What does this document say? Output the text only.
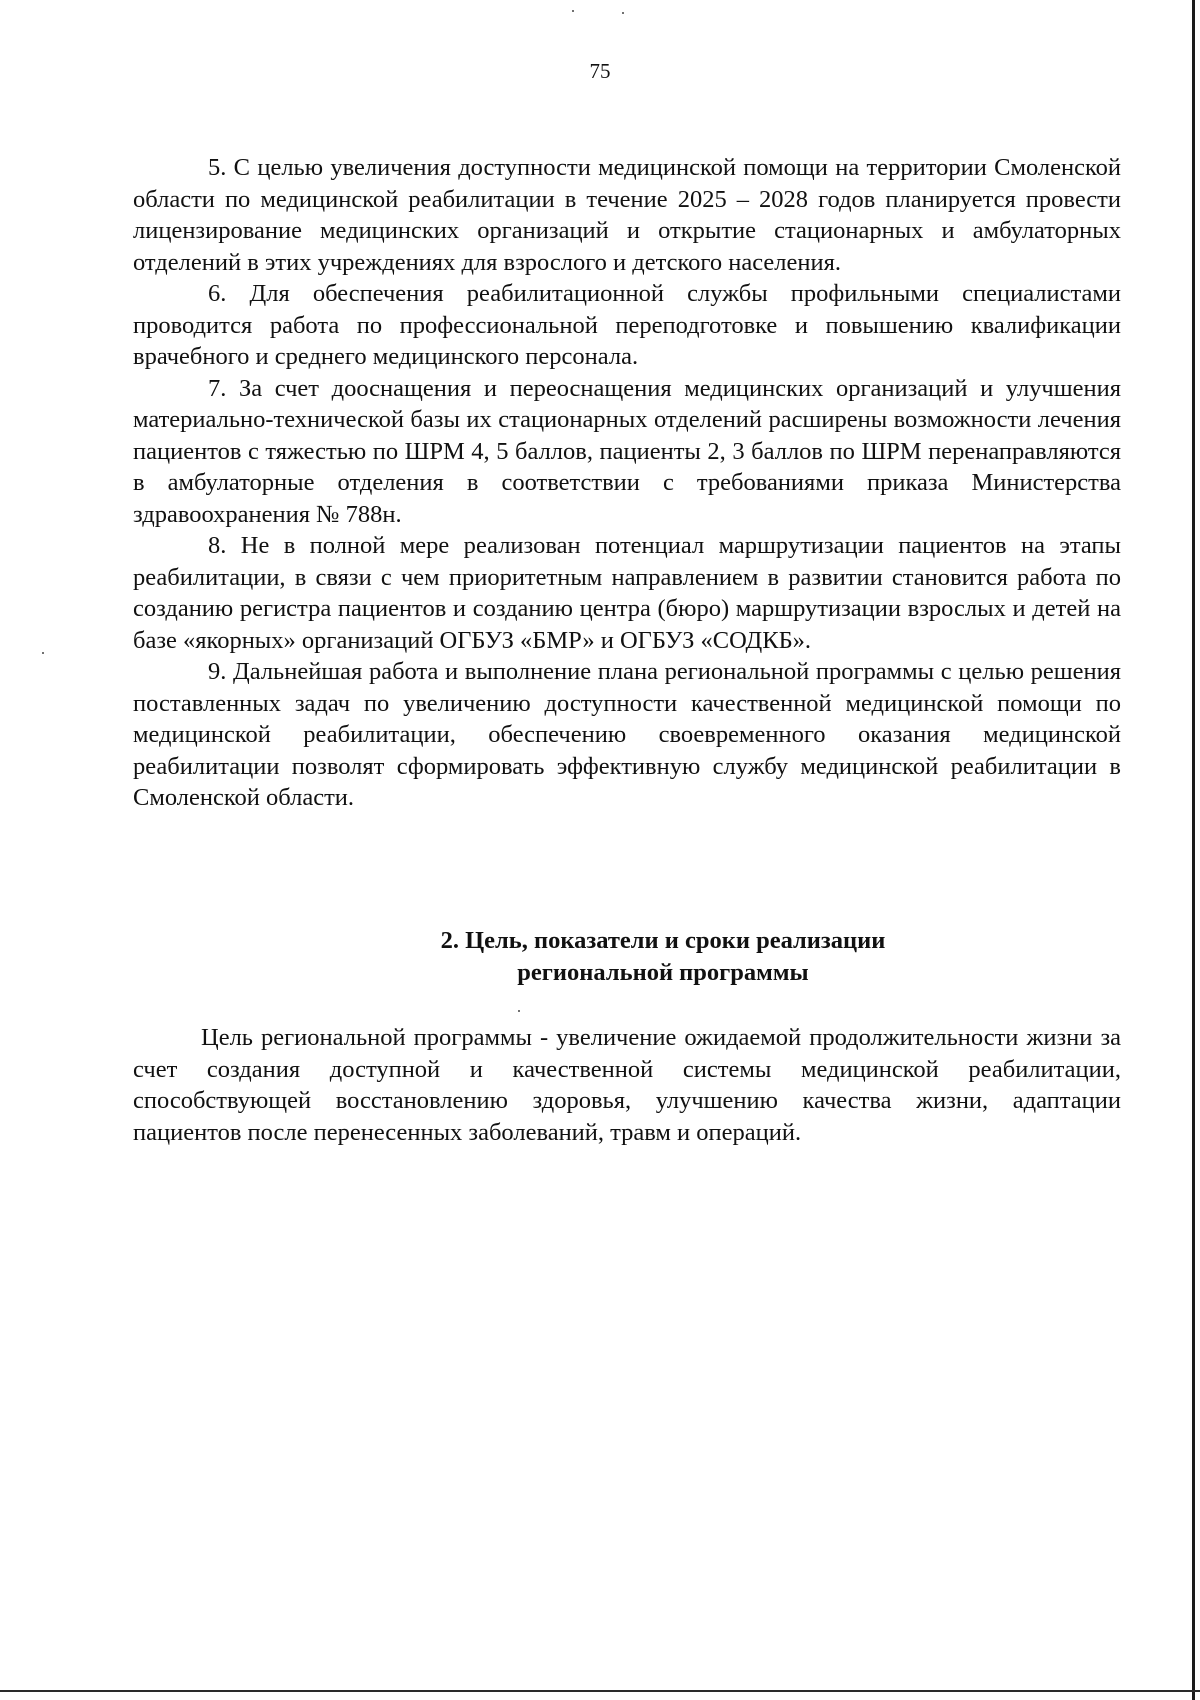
75

5. С целью увеличения доступности медицинской помощи на территории Смоленской области по медицинской реабилитации в течение 2025 – 2028 годов планируется провести лицензирование медицинских организаций и открытие стационарных и амбулаторных отделений в этих учреждениях для взрослого и детского населения.

6. Для обеспечения реабилитационной службы профильными специалистами проводится работа по профессиональной переподготовке и повышению квалификации врачебного и среднего медицинского персонала.

7. За счет дооснащения и переоснащения медицинских организаций и улучшения материально-технической базы их стационарных отделений расширены возможности лечения пациентов с тяжестью по ШРМ 4, 5 баллов, пациенты 2, 3 баллов по ШРМ перенаправляются в амбулаторные отделения в соответствии с требованиями приказа Министерства здравоохранения № 788н.

8. Не в полной мере реализован потенциал маршрутизации пациентов на этапы реабилитации, в связи с чем приоритетным направлением в развитии становится работа по созданию регистра пациентов и созданию центра (бюро) маршрутизации взрослых и детей на базе «якорных» организаций ОГБУЗ «БМР» и ОГБУЗ «СОДКБ».

9. Дальнейшая работа и выполнение плана региональной программы с целью решения поставленных задач по увеличению доступности качественной медицинской помощи по медицинской реабилитации, обеспечению своевременного оказания медицинской реабилитации позволят сформировать эффективную службу медицинской реабилитации в Смоленской области.

2. Цель, показатели и сроки реализации
региональной программы

Цель региональной программы - увеличение ожидаемой продолжительности жизни за счет создания доступной и качественной системы медицинской реабилитации, способствующей восстановлению здоровья, улучшению качества жизни, адаптации пациентов после перенесенных заболеваний, травм и операций.
